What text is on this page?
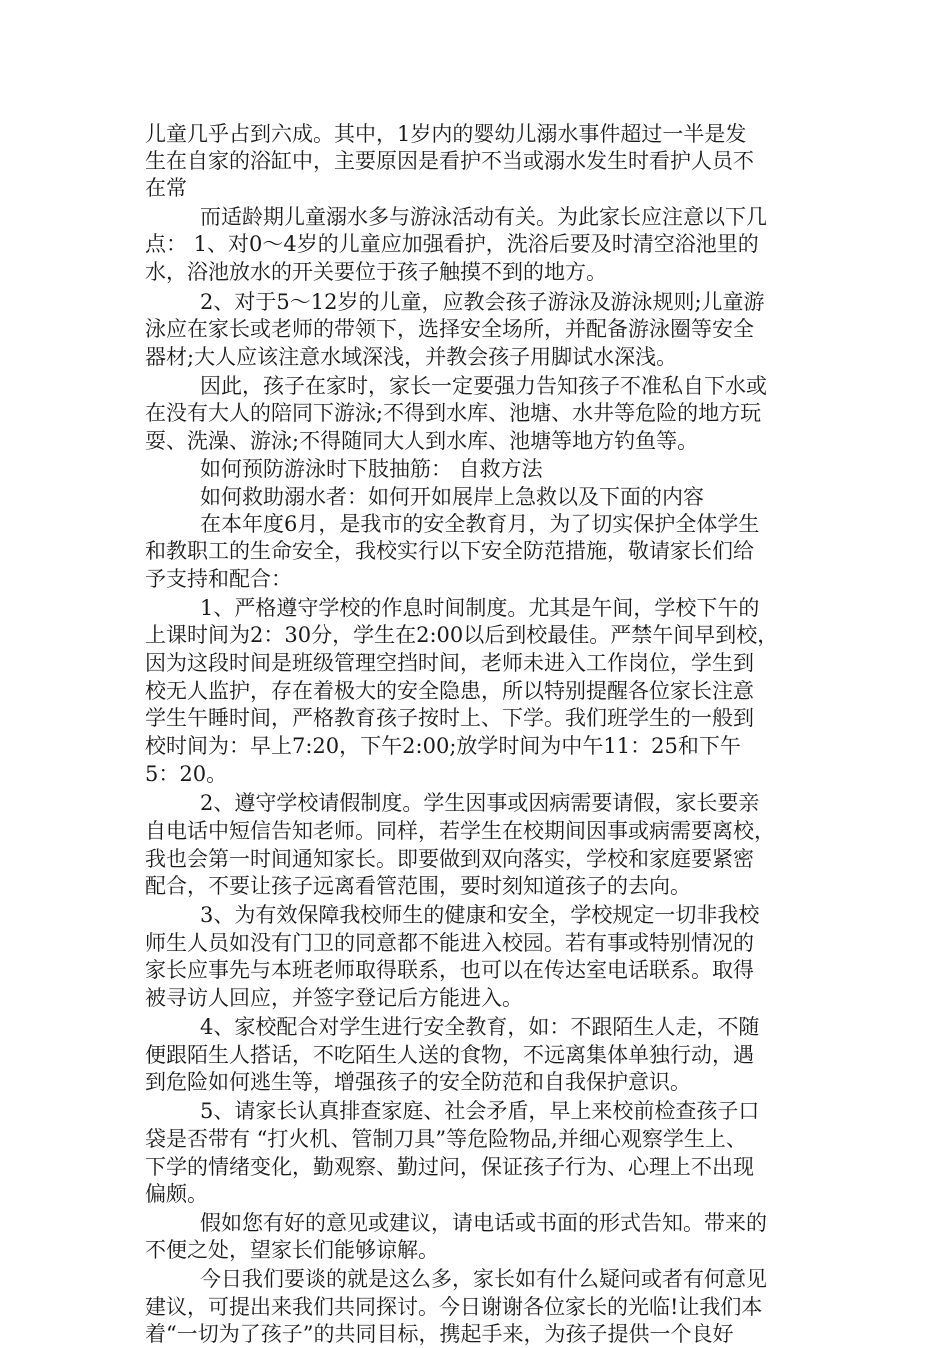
儿童几乎占到六成。其中，1岁内的婴幼儿溺水事件超过一半是发
生在自家的浴缸中，主要原因是看护不当或溺水发生时看护人员不
在常
而适龄期儿童溺水多与游泳活动有关。为此家长应注意以下几
点： 1、对0～4岁的儿童应加强看护，洗浴后要及时清空浴池里的
水，浴池放水的开关要位于孩子触摸不到的地方。
2、对于5～12岁的儿童，应教会孩子游泳及游泳规则;儿童游
泳应在家长或老师的带领下，选择安全场所，并配备游泳圈等安全
器材;大人应该注意水域深浅，并教会孩子用脚试水深浅。
因此，孩子在家时，家长一定要强力告知孩子不准私自下水或
在没有大人的陪同下游泳;不得到水库、池塘、水井等危险的地方玩
耍、洗澡、游泳;不得随同大人到水库、池塘等地方钓鱼等。
如何预防游泳时下肢抽筋： 自救方法
如何救助溺水者：如何开如展岸上急救以及下面的内容
在本年度6月，是我市的安全教育月，为了切实保护全体学生
和教职工的生命安全，我校实行以下安全防范措施，敬请家长们给
予支持和配合：
1、严格遵守学校的作息时间制度。尤其是午间，学校下午的
上课时间为2：30分，学生在2:00以后到校最佳。严禁午间早到校，
因为这段时间是班级管理空挡时间，老师未进入工作岗位，学生到
校无人监护，存在着极大的安全隐患，所以特别提醒各位家长注意
学生午睡时间，严格教育孩子按时上、下学。我们班学生的一般到
校时间为：早上7:20，下午2:00;放学时间为中午11：25和下午
5：20。
2、遵守学校请假制度。学生因事或因病需要请假，家长要亲
自电话中短信告知老师。同样，若学生在校期间因事或病需要离校，
我也会第一时间通知家长。即要做到双向落实，学校和家庭要紧密
配合，不要让孩子远离看管范围，要时刻知道孩子的去向。
3、为有效保障我校师生的健康和安全，学校规定一切非我校
师生人员如没有门卫的同意都不能进入校园。若有事或特别情况的
家长应事先与本班老师取得联系，也可以在传达室电话联系。取得
被寻访人回应，并签字登记后方能进入。
4、家校配合对学生进行安全教育，如：不跟陌生人走，不随
便跟陌生人搭话，不吃陌生人送的食物，不远离集体单独行动，遇
到危险如何逃生等，增强孩子的安全防范和自我保护意识。
5、请家长认真排查家庭、社会矛盾，早上来校前检查孩子口
袋是否带有 “打火机、管制刀具”等危险物品,并细心观察学生上、
下学的情绪变化，勤观察、勤过问，保证孩子行为、心理上不出现
偏颇。
假如您有好的意见或建议，请电话或书面的形式告知。带来的
不便之处，望家长们能够谅解。
今日我们要谈的就是这么多，家长如有什么疑问或者有何意见
建议，可提出来我们共同探讨。今日谢谢各位家长的光临!让我们本
着“一切为了孩子”的共同目标，携起手来，为孩子提供一个良好
